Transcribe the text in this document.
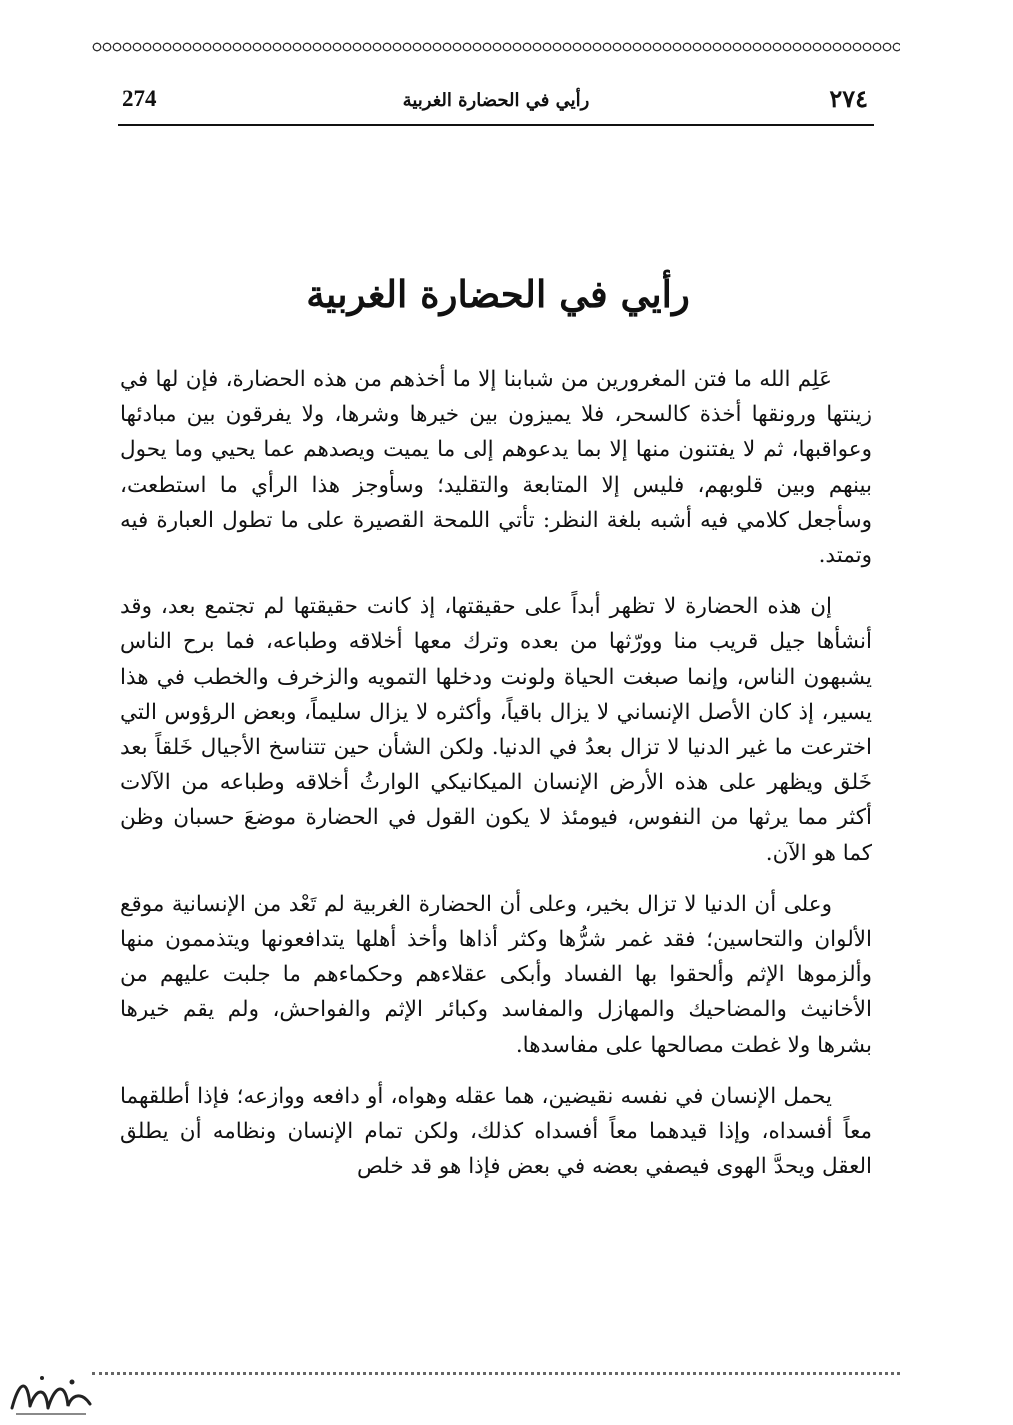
274	رأيي في الحضارة الغربية	٢٧٤
رأيي في الحضارة الغربية

عَلِم الله ما فتن المغرورين من شبابنا إلا ما أخذهم من هذه الحضارة، فإن لها في زينتها ورونقها أخذة كالسحر، فلا يميزون بين خيرها وشرها، ولا يفرقون بين مبادئها وعواقبها، ثم لا يفتنون منها إلا بما يدعوهم إلى ما يميت ويصدهم عما يحيي وما يحول بينهم وبين قلوبهم، فليس إلا المتابعة والتقليد؛ وسأوجز هذا الرأي ما استطعت، وسأجعل كلامي فيه أشبه بلغة النظر: تأتي اللمحة القصيرة على ما تطول العبارة فيه وتمتد.

إن هذه الحضارة لا تظهر أبداً على حقيقتها، إذ كانت حقيقتها لم تجتمع بعد، وقد أنشأها جيل قريب منا وورّثها من بعده وترك معها أخلاقه وطباعه، فما برح الناس يشبهون الناس، وإنما صبغت الحياة ولونت ودخلها التمويه والزخرف والخطب في هذا يسير، إذ كان الأصل الإنساني لا يزال باقياً، وأكثره لا يزال سليماً، وبعض الرؤوس التي اخترعت ما غير الدنيا لا تزال بعدُ في الدنيا. ولكن الشأن حين تتناسخ الأجيال خَلقاً بعد خَلق ويظهر على هذه الأرض الإنسان الميكانيكي الوارثُ أخلاقه وطباعه من الآلات أكثر مما يرثها من النفوس، فيومئذ لا يكون القول في الحضارة موضعَ حسبان وظن كما هو الآن.

وعلى أن الدنيا لا تزال بخير، وعلى أن الحضارة الغربية لم تَعْد من الإنسانية موقع الألوان والتحاسين؛ فقد غمر شرُّها وكثر أذاها وأخذ أهلها يتدافعونها ويتذممون منها وألزموها الإثم وألحقوا بها الفساد وأبكى عقلاءهم وحكماءهم ما جلبت عليهم من الأخانيث والمضاحيك والمهازل والمفاسد وكبائر الإثم والفواحش، ولم يقم خيرها بشرها ولا غطت مصالحها على مفاسدها.

يحمل الإنسان في نفسه نقيضين، هما عقله وهواه، أو دافعه ووازعه؛ فإذا أطلقهما معاً أفسداه، وإذا قيدهما معاً أفسداه كذلك، ولكن تمام الإنسان ونظامه أن يطلق العقل ويحدَّ الهوى فيصفي بعضه في بعض فإذا هو قد خلص
